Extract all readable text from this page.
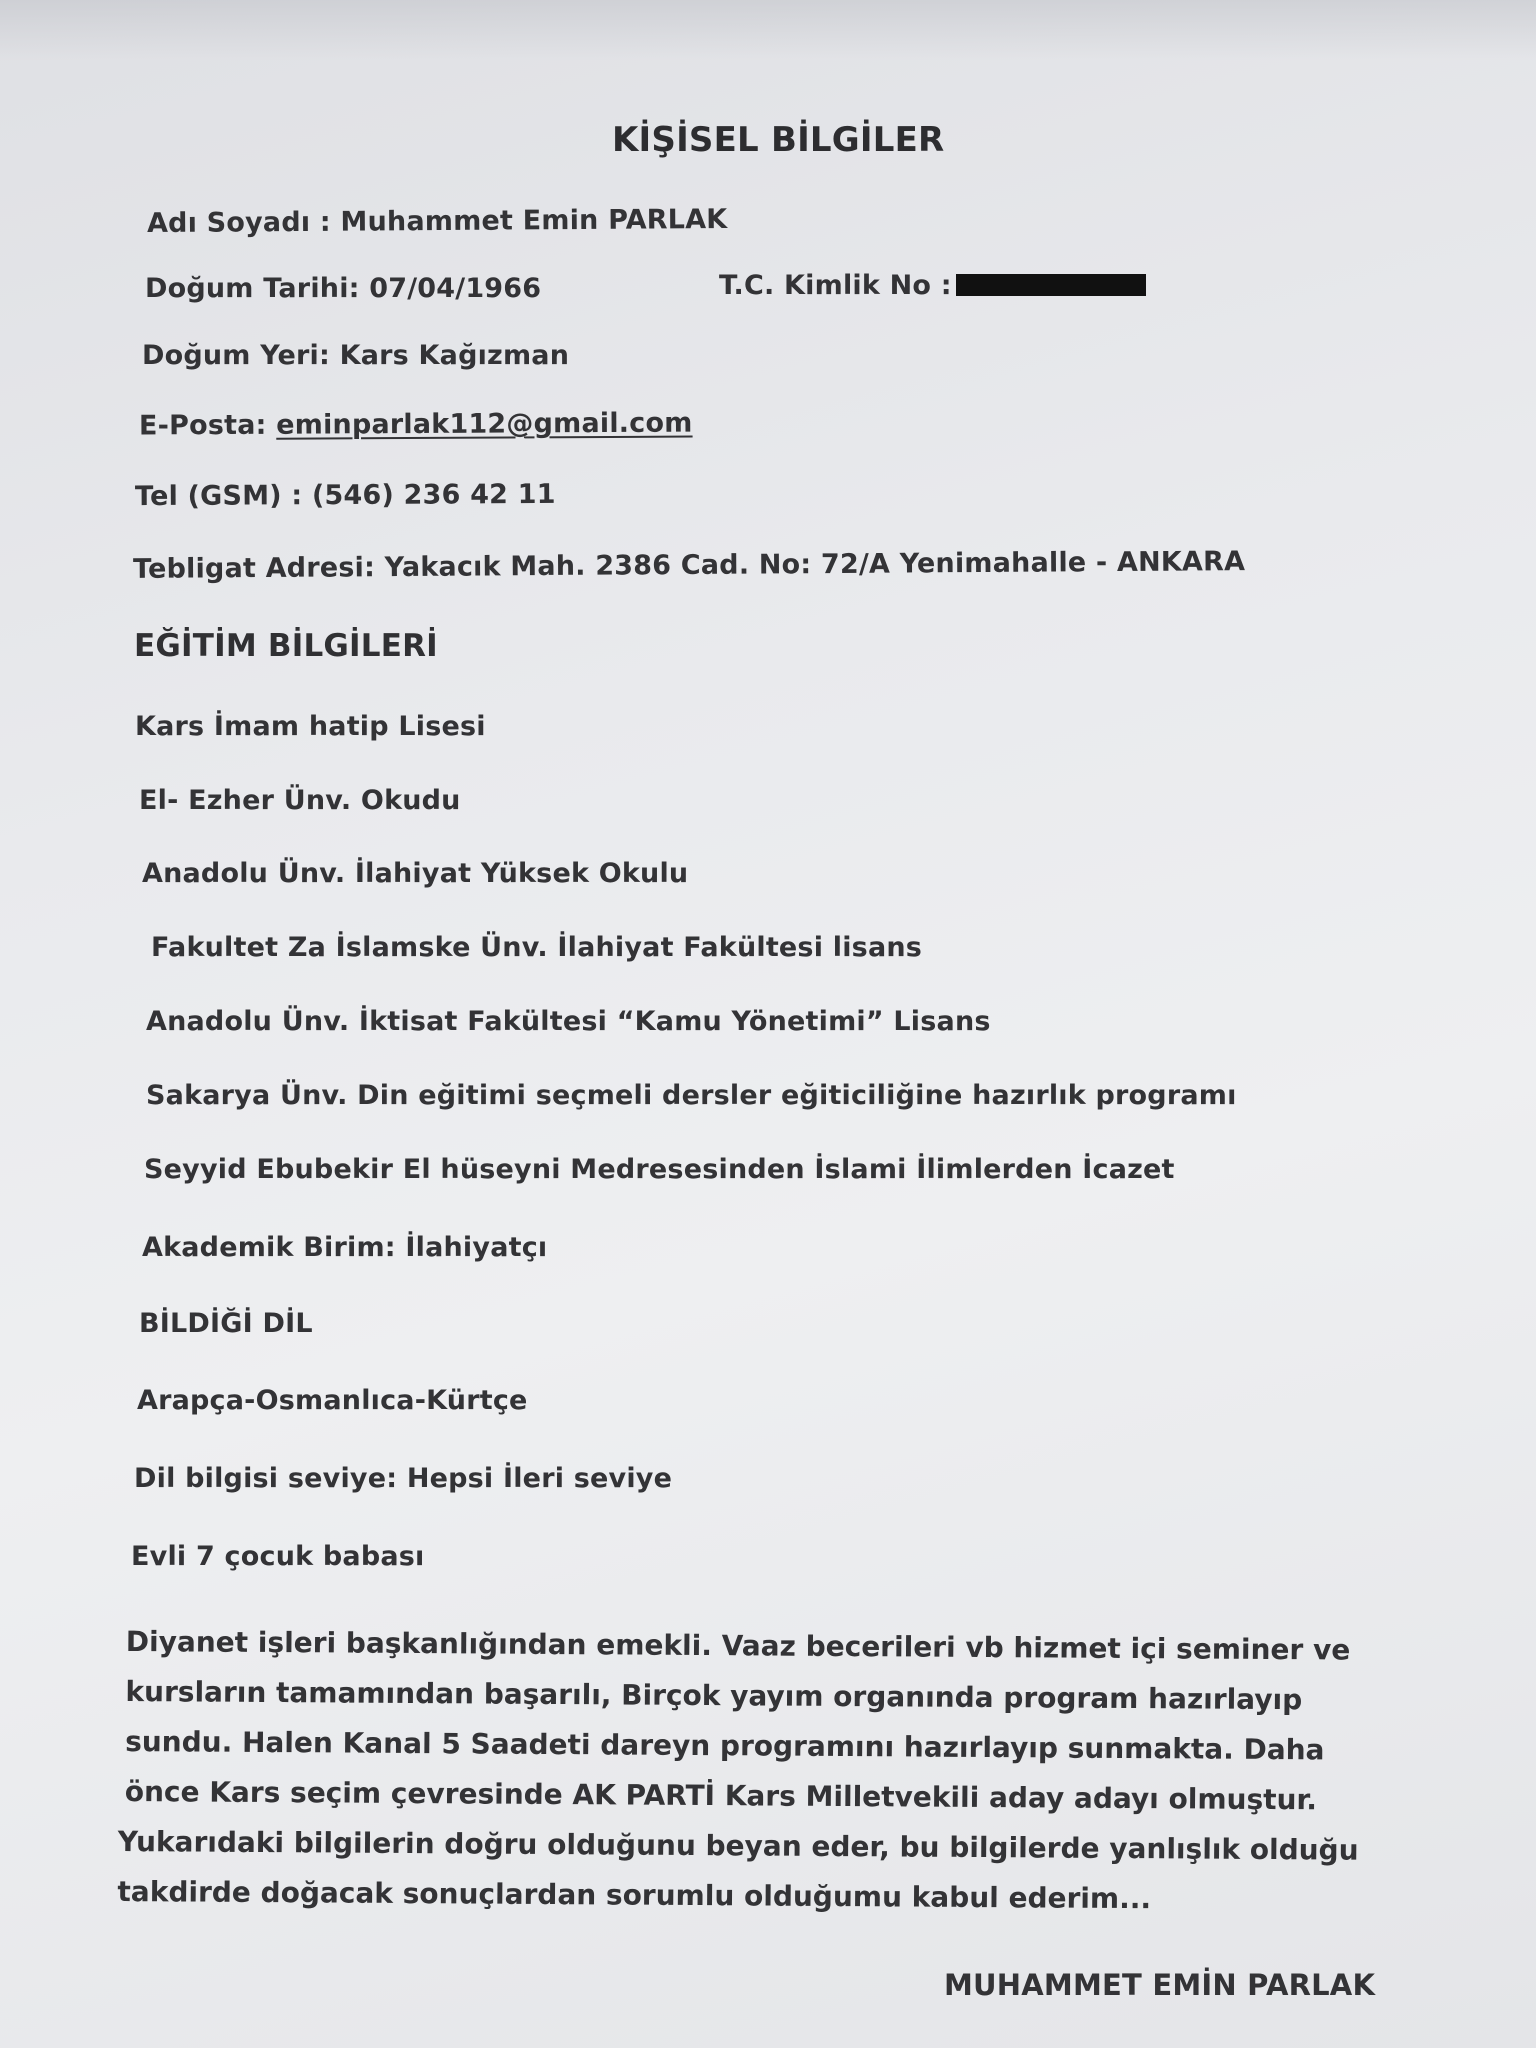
KİŞİSEL BİLGİLER
Adı Soyadı : Muhammet Emin PARLAK
Doğum Tarihi: 07/04/1966	T.C. Kimlik No :
Doğum Yeri: Kars Kağızman
E-Posta: eminparlak112@gmail.com
Tel (GSM) : (546) 236 42 11
Tebligat Adresi: Yakacık Mah. 2386 Cad. No: 72/A Yenimahalle - ANKARA
EĞİTİM BİLGİLERİ
Kars İmam hatip Lisesi
El- Ezher Ünv. Okudu
Anadolu Ünv. İlahiyat Yüksek Okulu
Fakultet Za İslamske Ünv. İlahiyat Fakültesi lisans
Anadolu Ünv. İktisat Fakültesi “Kamu Yönetimi” Lisans
Sakarya Ünv. Din eğitimi seçmeli dersler eğiticiliğine hazırlık programı
Seyyid Ebubekir El hüseyni Medresesinden İslami İlimlerden İcazet
Akademik Birim: İlahiyatçı
BİLDİĞİ DİL
Arapça-Osmanlıca-Kürtçe
Dil bilgisi seviye: Hepsi İleri seviye
Evli 7 çocuk babası
Diyanet işleri başkanlığından emekli. Vaaz becerileri vb hizmet içi seminer ve kursların tamamından başarılı, Birçok yayım organında program hazırlayıp sundu. Halen Kanal 5 Saadeti dareyn programını hazırlayıp sunmakta. Daha önce Kars seçim çevresinde AK PARTİ Kars Milletvekili aday adayı olmuştur.
Yukarıdaki bilgilerin doğru olduğunu beyan eder, bu bilgilerde yanlışlık olduğu takdirde doğacak sonuçlardan sorumlu olduğumu kabul ederim...
MUHAMMET EMİN PARLAK
